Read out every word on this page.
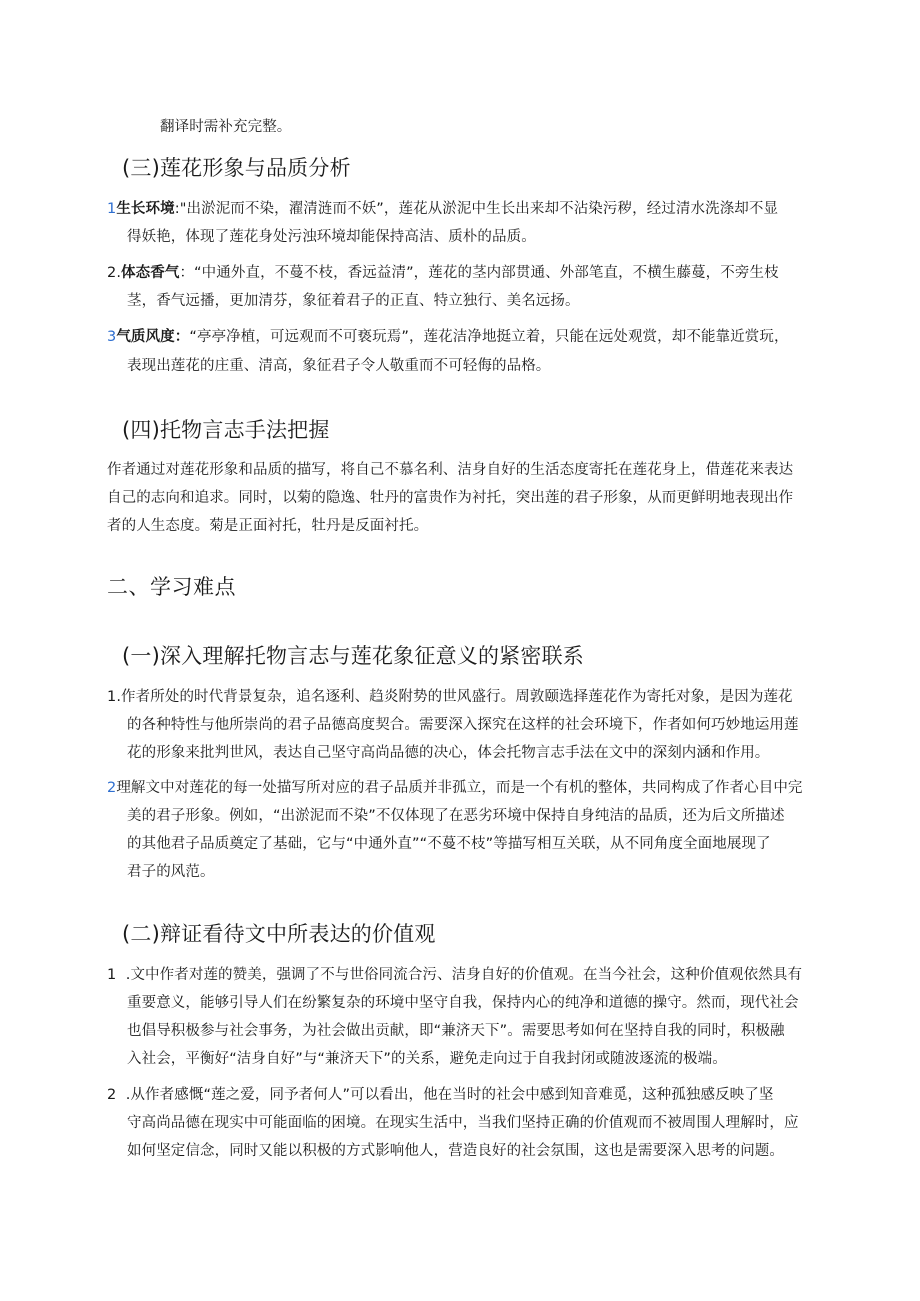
翻译时需补充完整。
(三)莲花形象与品质分析
1生长环境:"出淤泥而不染，濯清涟而不妖”，莲花从淤泥中生长出来却不沾染污秽，经过清水洗涤却不显
得妖艳，体现了莲花身处污浊环境却能保持高洁、质朴的品质。
2.体态香气：“中通外直，不蔓不枝，香远益清”，莲花的茎内部贯通、外部笔直，不横生藤蔓，不旁生枝
茎，香气远播，更加清芬，象征着君子的正直、特立独行、美名远扬。
3气质风度：“亭亭净植，可远观而不可亵玩焉”，莲花洁净地挺立着，只能在远处观赏，却不能靠近赏玩，
表现出莲花的庄重、清高，象征君子令人敬重而不可轻侮的品格。
(四)托物言志手法把握
作者通过对莲花形象和品质的描写，将自己不慕名利、洁身自好的生活态度寄托在莲花身上，借莲花来表达
自己的志向和追求。同时，以菊的隐逸、牡丹的富贵作为衬托，突出莲的君子形象，从而更鲜明地表现出作
者的人生态度。菊是正面衬托，牡丹是反面衬托。
二、学习难点
(一)深入理解托物言志与莲花象征意义的紧密联系
1.作者所处的时代背景复杂，追名逐利、趋炎附势的世风盛行。周敦颐选择莲花作为寄托对象，是因为莲花
的各种特性与他所崇尚的君子品德高度契合。需要深入探究在这样的社会环境下，作者如何巧妙地运用莲
花的形象来批判世风，表达自己坚守高尚品德的决心，体会托物言志手法在文中的深刻内涵和作用。
2理解文中对莲花的每一处描写所对应的君子品质并非孤立，而是一个有机的整体，共同构成了作者心目中完
美的君子形象。例如，“出淤泥而不染”不仅体现了在恶劣环境中保持自身纯洁的品质，还为后文所描述
的其他君子品质奠定了基础，它与“中通外直”“不蔓不枝”等描写相互关联，从不同角度全面地展现了
君子的风范。
(二)辩证看待文中所表达的价值观
1 .文中作者对莲的赞美，强调了不与世俗同流合污、洁身自好的价值观。在当今社会，这种价值观依然具有
重要意义，能够引导人们在纷繁复杂的环境中坚守自我，保持内心的纯净和道德的操守。然而，现代社会
也倡导积极参与社会事务，为社会做出贡献，即“兼济天下”。需要思考如何在坚持自我的同时，积极融
入社会，平衡好“洁身自好”与“兼济天下”的关系，避免走向过于自我封闭或随波逐流的极端。
2 .从作者感慨“莲之爱，同予者何人”可以看出，他在当时的社会中感到知音难觅，这种孤独感反映了坚
守高尚品德在现实中可能面临的困境。在现实生活中，当我们坚持正确的价值观而不被周围人理解时，应
如何坚定信念，同时又能以积极的方式影响他人，营造良好的社会氛围，这也是需要深入思考的问题。
